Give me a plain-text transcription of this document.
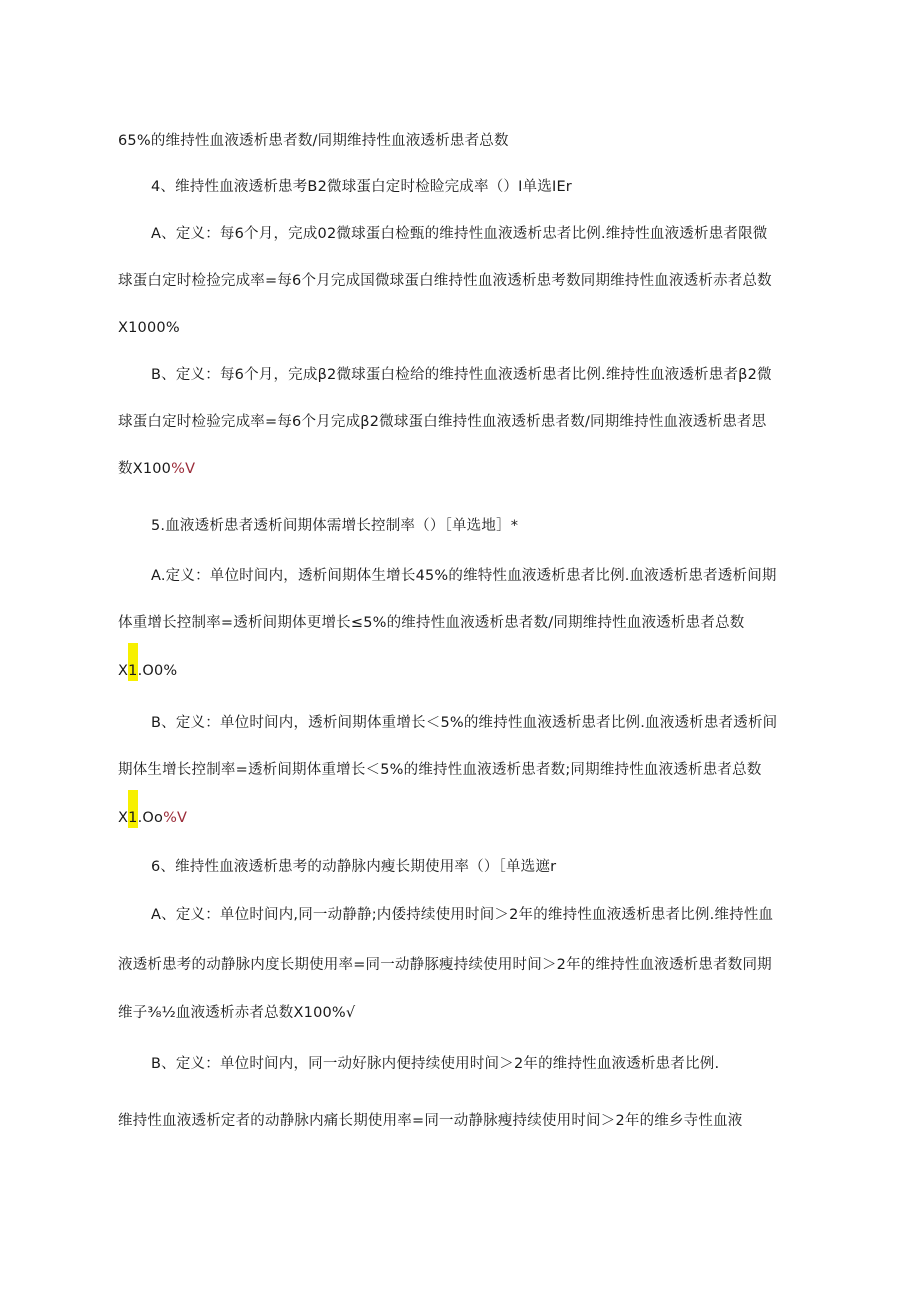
65%的维持性血液透析患者数/同期维持性血液透析患者总数
4、维持性血液透析患考B2微球蛋白定时检睑完成率（）I单选IEr
A、定义：每6个月，完成02微球蛋白检甄的维持性血液透析忠者比例.维持性血液透析患者限微
球蛋白定时检捡完成率=每6个月完成国微球蛋白维持性血液透析患考数同期维持性血液透析赤者总数
X1000%
B、定义：每6个月，完成β2微球蛋白检给的维持性血液透析患者比例.维持性血液透析患者β2微
球蛋白定时检验完成率=每6个月完成β2微球蛋白维持性血液透析患者数/同期维持性血液透析患者思
数X100%V
5.血液透析患者透析间期体需增长控制率（）［单选地］*
A.定义：单位时间内，透析间期体生增长45%的维特性血液透析患者比例.血液透析患者透析间期
体重增长控制率=透析间期体更增长≤5%的维持性血液透析患者数/同期维持性血液透析患者总数
X1.O0%
B、定义：单位时间内，透析间期体重增长＜5%的维持性血液透析患者比例.血液透析患者透析间
期体生增长控制率=透析间期体重增长＜5%的维持性血液透析患者数;同期维持性血液透析患者总数
X1.Oo%V
6、维持性血液透析患考的动静脉内瘦长期使用率（）［单选遮r
A、定义：单位时间内,同一动静静;内倭持续使用时间＞2年的维持性血液透析患者比例.维持性血
液透析患考的动静脉内度长期使用率=同一动静豚瘦持续使用时间＞2年的维持性血液透析患者数同期
维子⅜½血液透析赤者总数X100%√
B、定义：单位时间内，同一动好脉内便持续使用时间＞2年的维持性血液透析患者比例.
维持性血液透析定者的动静脉内痛长期使用率=同一动静脉瘦持续使用时间＞2年的维乡寺性血液
